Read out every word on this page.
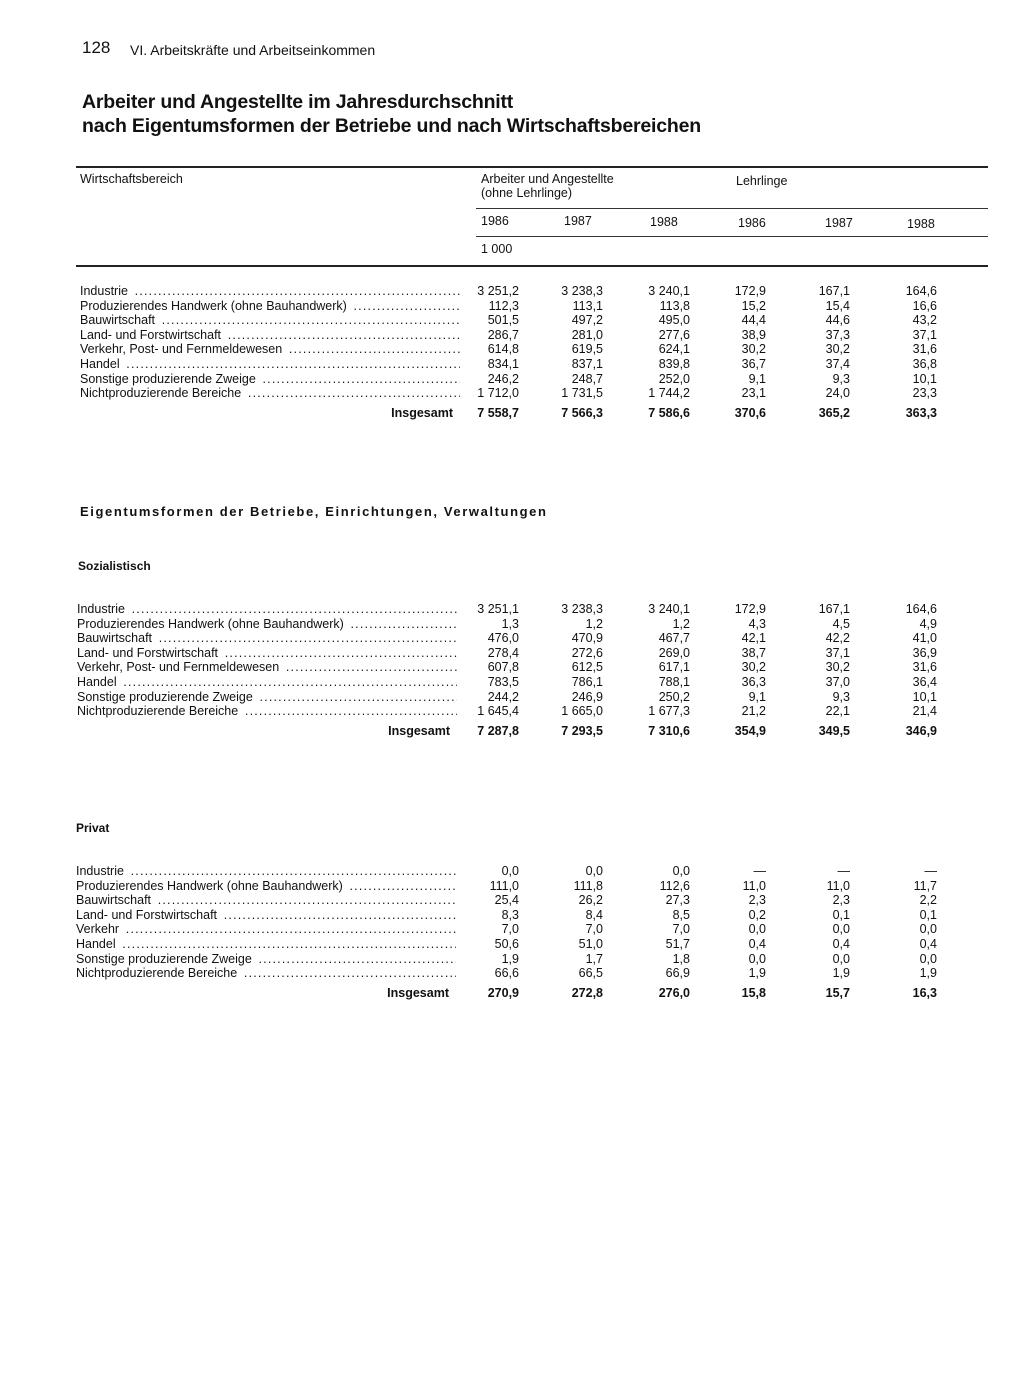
128 VI. Arbeitskräfte und Arbeitseinkommen
Arbeiter und Angestellte im Jahresdurchschnitt
nach Eigentumsformen der Betriebe und nach Wirtschaftsbereichen
Wirtschaftsbereich	Arbeiter und Angestellte
(ohne Lehrlinge)
Lehrlinge
1986	1987	1988	1986	1987	1988
1 000
Eigentumsformen der Betriebe, Einrichtungen, Verwaltungen
Sozialistisch
Privat
Industrie .....	3 251,2	3 238,3	3 240,1	172,9	167,1	164,6
Produzierendes Handwerk (ohne Bauhandwerk) .....	112,3	113,1	113,8	15,2	15,4	16,6
Bauwirtschaft .....	501,5	497,2	495,0	44,4	44,6	43,2
Land- und Forstwirtschaft .....	286,7	281,0	277,6	38,9	37,3	37,1
Verkehr, Post- und Fernmeldewesen .....	614,8	619,5	624,1	30,2	30,2	31,6
Handel .....	834,1	837,1	839,8	36,7	37,4	36,8
Sonstige produzierende Zweige .....	246,2	248,7	252,0	9,1	9,3	10,1
Nichtproduzierende Bereiche .....	1 712,0	1 731,5	1 744,2	23,1	24,0	23,3
Insgesamt	7 558,7	7 566,3	7 586,6	370,6	365,2	363,3
Industrie .....	3 251,1	3 238,3	3 240,1	172,9	167,1	164,6
Produzierendes Handwerk (ohne Bauhandwerk) .....	1,3	1,2	1,2	4,3	4,5	4,9
Bauwirtschaft .....	476,0	470,9	467,7	42,1	42,2	41,0
Land- und Forstwirtschaft .....	278,4	272,6	269,0	38,7	37,1	36,9
Verkehr, Post- und Fernmeldewesen .....	607,8	612,5	617,1	30,2	30,2	31,6
Handel .....	783,5	786,1	788,1	36,3	37,0	36,4
Sonstige produzierende Zweige .....	244,2	246,9	250,2	9,1	9,3	10,1
Nichtproduzierende Bereiche .....	1 645,4	1 665,0	1 677,3	21,2	22,1	21,4
Insgesamt	7 287,8	7 293,5	7 310,6	354,9	349,5	346,9
Industrie .....	0,0	0,0	0,0	—	—	—
Produzierendes Handwerk (ohne Bauhandwerk) .....	111,0	111,8	112,6	11,0	11,0	11,7
Bauwirtschaft .....	25,4	26,2	27,3	2,3	2,3	2,2
Land- und Forstwirtschaft .....	8,3	8,4	8,5	0,2	0,1	0,1
Verkehr .....	7,0	7,0	7,0	0,0	0,0	0,0
Handel .....	50,6	51,0	51,7	0,4	0,4	0,4
Sonstige produzierende Zweige .....	1,9	1,7	1,8	0,0	0,0	0,0
Nichtproduzierende Bereiche .....	66,6	66,5	66,9	1,9	1,9	1,9
Insgesamt	270,9	272,8	276,0	15,8	15,7	16,3
